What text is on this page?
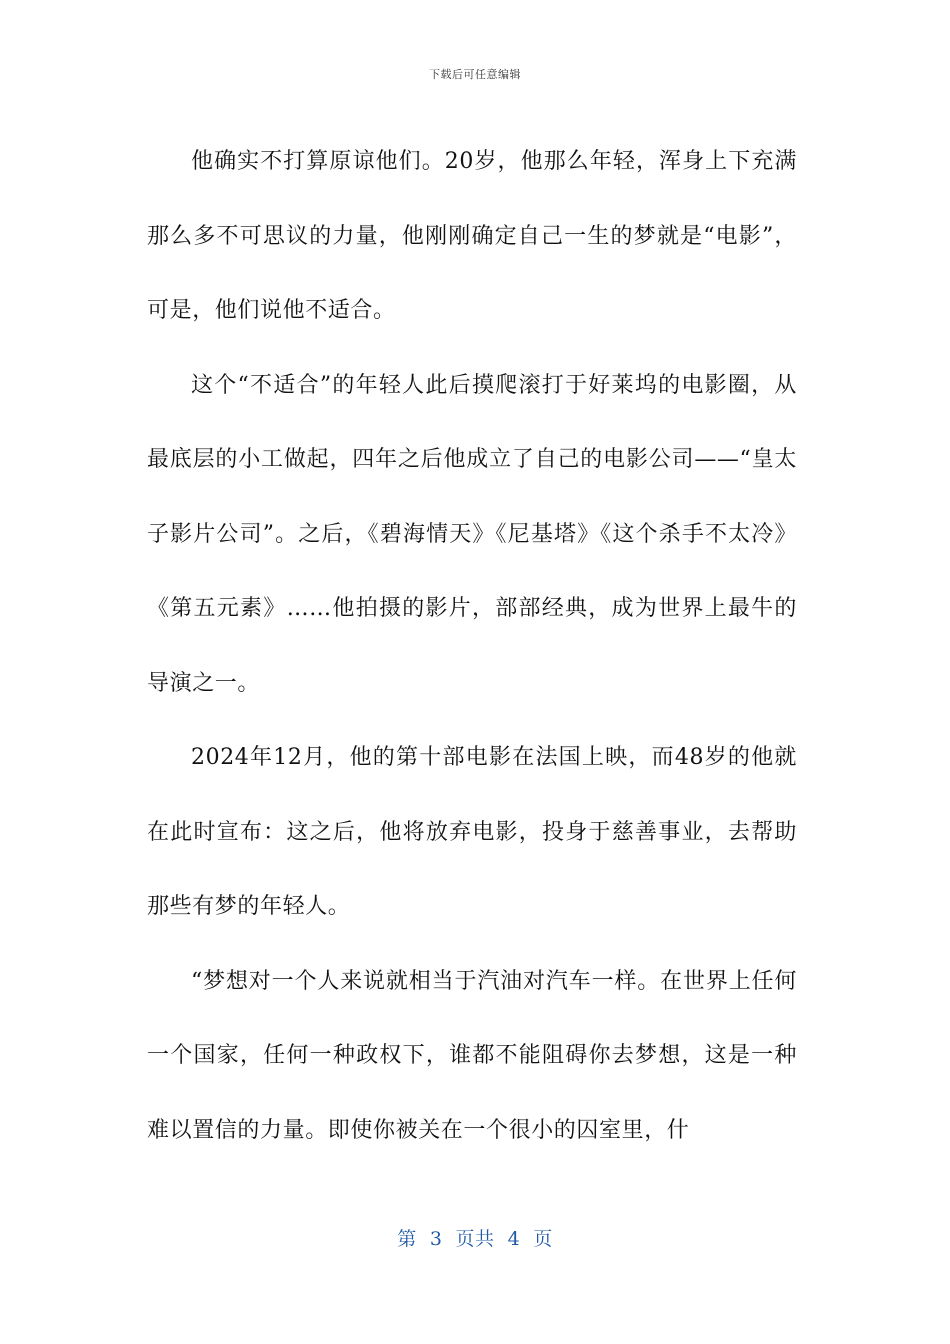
下载后可任意编辑

他确实不打算原谅他们。20岁，他那么年轻，浑身上下充满那么多不可思议的力量，他刚刚确定自己一生的梦就是“电影”，可是，他们说他不适合。

这个“不适合”的年轻人此后摸爬滚打于好莱坞的电影圈，从最底层的小工做起，四年之后他成立了自己的电影公司——“皇太子影片公司”。之后，《碧海情天》《尼基塔》《这个杀手不太冷》《第五元素》……他拍摄的影片，部部经典，成为世界上最牛的导演之一。

2024年12月，他的第十部电影在法国上映，而48岁的他就在此时宣布：这之后，他将放弃电影，投身于慈善事业，去帮助那些有梦的年轻人。

“梦想对一个人来说就相当于汽油对汽车一样。在世界上任何一个国家，任何一种政权下，谁都不能阻碍你去梦想，这是一种难以置信的力量。即使你被关在一个很小的囚室里，什

第  3  页共  4  页
